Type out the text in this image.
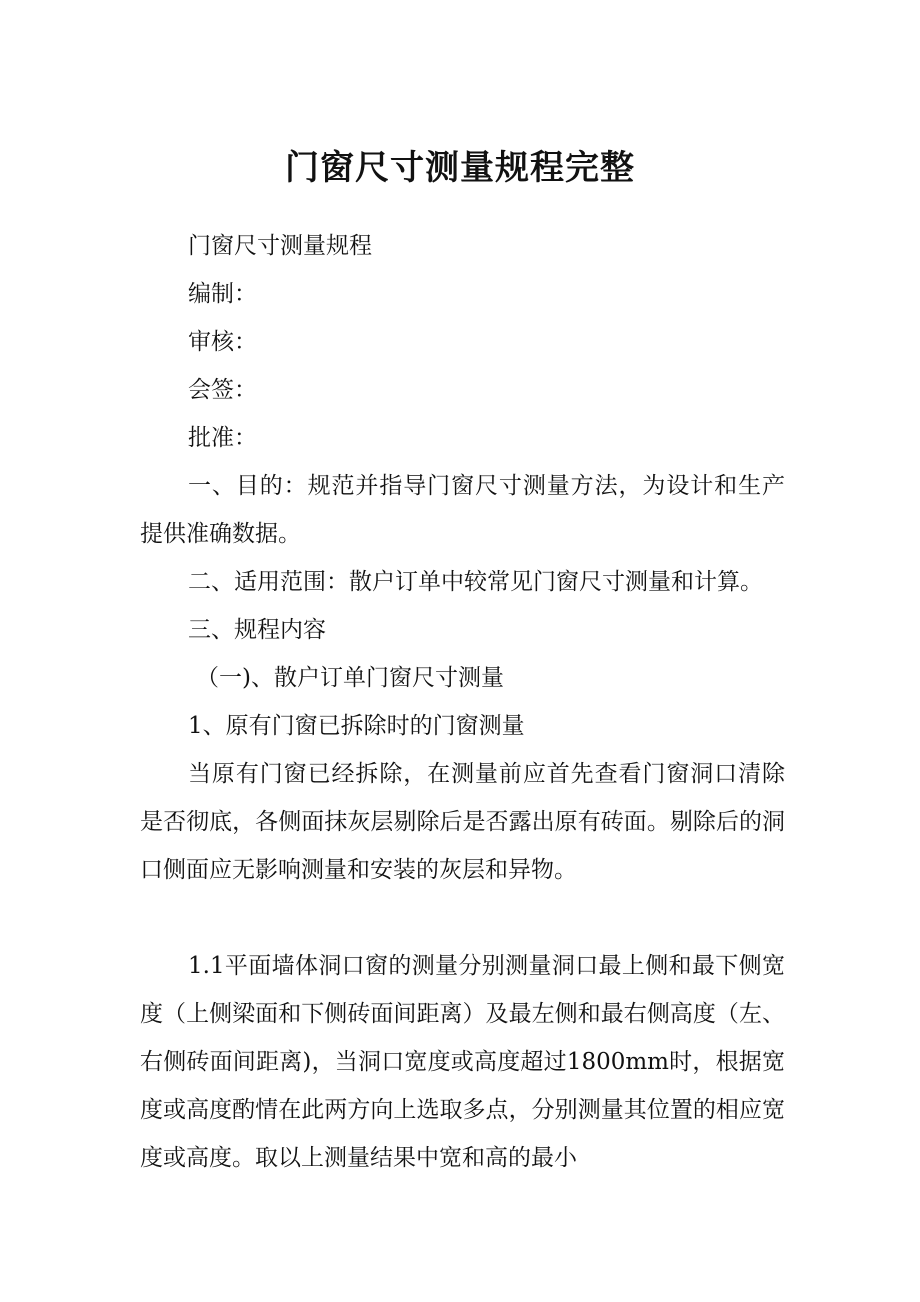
门窗尺寸测量规程完整

门窗尺寸测量规程

编制：

审核：

会签：

批准：

一、目的：规范并指导门窗尺寸测量方法，为设计和生产提供准确数据。

二、适用范围：散户订单中较常见门窗尺寸测量和计算。

三、规程内容

（一)、散户订单门窗尺寸测量

1、原有门窗已拆除时的门窗测量

当原有门窗已经拆除，在测量前应首先查看门窗洞口清除是否彻底，各侧面抹灰层剔除后是否露出原有砖面。剔除后的洞口侧面应无影响测量和安装的灰层和异物。

1.1平面墙体洞口窗的测量分别测量洞口最上侧和最下侧宽度（上侧梁面和下侧砖面间距离）及最左侧和最右侧高度（左、右侧砖面间距离)，当洞口宽度或高度超过1800mm时，根据宽度或高度酌情在此两方向上选取多点，分别测量其位置的相应宽度或高度。取以上测量结果中宽和高的最小
